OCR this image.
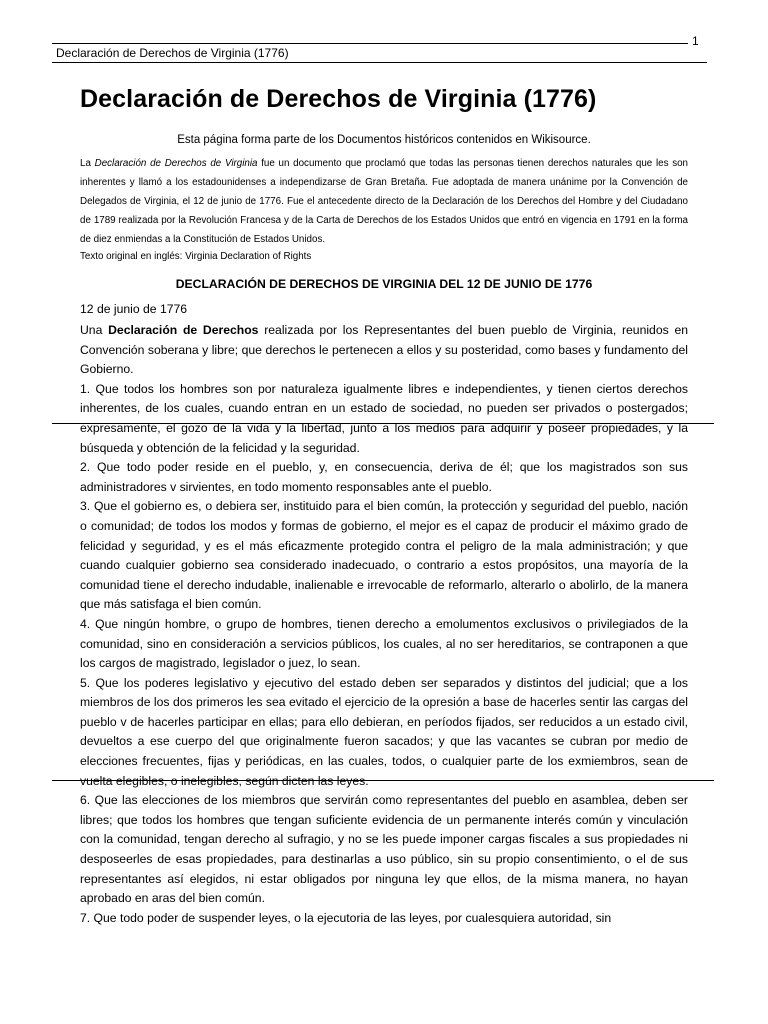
1
Declaración de Derechos de Virginia (1776)
Declaración de Derechos de Virginia (1776)

Esta página forma parte de los Documentos históricos contenidos en Wikisource.

La Declaración de Derechos de Virginia fue un documento que proclamó que todas las personas tienen derechos naturales que les son inherentes y llamó a los estadounidenses a independizarse de Gran Bretaña. Fue adoptada de manera unánime por la Convención de Delegados de Virginia, el 12 de junio de 1776. Fue el antecedente directo de la Declaración de los Derechos del Hombre y del Ciudadano de 1789 realizada por la Revolución Francesa y de la Carta de Derechos de los Estados Unidos que entró en vigencia en 1791 en la forma de diez enmiendas a la Constitución de Estados Unidos.

Texto original en inglés: Virginia Declaration of Rights

DECLARACIÓN DE DERECHOS DE VIRGINIA DEL 12 DE JUNIO DE 1776

12 de junio de 1776

Una Declaración de Derechos realizada por los Representantes del buen pueblo de Virginia, reunidos en Convención soberana y libre; que derechos le pertenecen a ellos y su posteridad, como bases y fundamento del Gobierno.

1. Que todos los hombres son por naturaleza igualmente libres e independientes, y tienen ciertos derechos inherentes, de los cuales, cuando entran en un estado de sociedad, no pueden ser privados o postergados; expresamente, el gozo de la vida y la libertad, junto a los medios para adquirir y poseer propiedades, y la búsqueda y obtención de la felicidad y la seguridad.

2. Que todo poder reside en el pueblo, y, en consecuencia, deriva de él; que los magistrados son sus administradores v sirvientes, en todo momento responsables ante el pueblo.

3. Que el gobierno es, o debiera ser, instituido para el bien común, la protección y seguridad del pueblo, nación o comunidad; de todos los modos y formas de gobierno, el mejor es el capaz de producir el máximo grado de felicidad y seguridad, y es el más eficazmente protegido contra el peligro de la mala administración; y que cuando cualquier gobierno sea considerado inadecuado, o contrario a estos propósitos, una mayoría de la comunidad tiene el derecho indudable, inalienable e irrevocable de reformarlo, alterarlo o abolirlo, de la manera que más satisfaga el bien común.

4. Que ningún hombre, o grupo de hombres, tienen derecho a emolumentos exclusivos o privilegiados de la comunidad, sino en consideración a servicios públicos, los cuales, al no ser hereditarios, se contraponen a que los cargos de magistrado, legislador o juez, lo sean.

5. Que los poderes legislativo y ejecutivo del estado deben ser separados y distintos del judicial; que a los miembros de los dos primeros les sea evitado el ejercicio de la opresión a base de hacerles sentir las cargas del pueblo v de hacerles participar en ellas; para ello debieran, en períodos fijados, ser reducidos a un estado civil, devueltos a ese cuerpo del que originalmente fueron sacados; y que las vacantes se cubran por medio de elecciones frecuentes, fijas y periódicas, en las cuales, todos, o cualquier parte de los exmiembros, sean de vuelta elegibles, o inelegibles, según dicten las leyes.

6. Que las elecciones de los miembros que servirán como representantes del pueblo en asamblea, deben ser libres; que todos los hombres que tengan suficiente evidencia de un permanente interés común y vinculación con la comunidad, tengan derecho al sufragio, y no se les puede imponer cargas fiscales a sus propiedades ni desposeerles de esas propiedades, para destinarlas a uso público, sin su propio consentimiento, o el de sus representantes así elegidos, ni estar obligados por ninguna ley que ellos, de la misma manera, no hayan aprobado en aras del bien común.

7. Que todo poder de suspender leyes, o la ejecutoria de las leyes, por cualesquiera autoridad, sin
